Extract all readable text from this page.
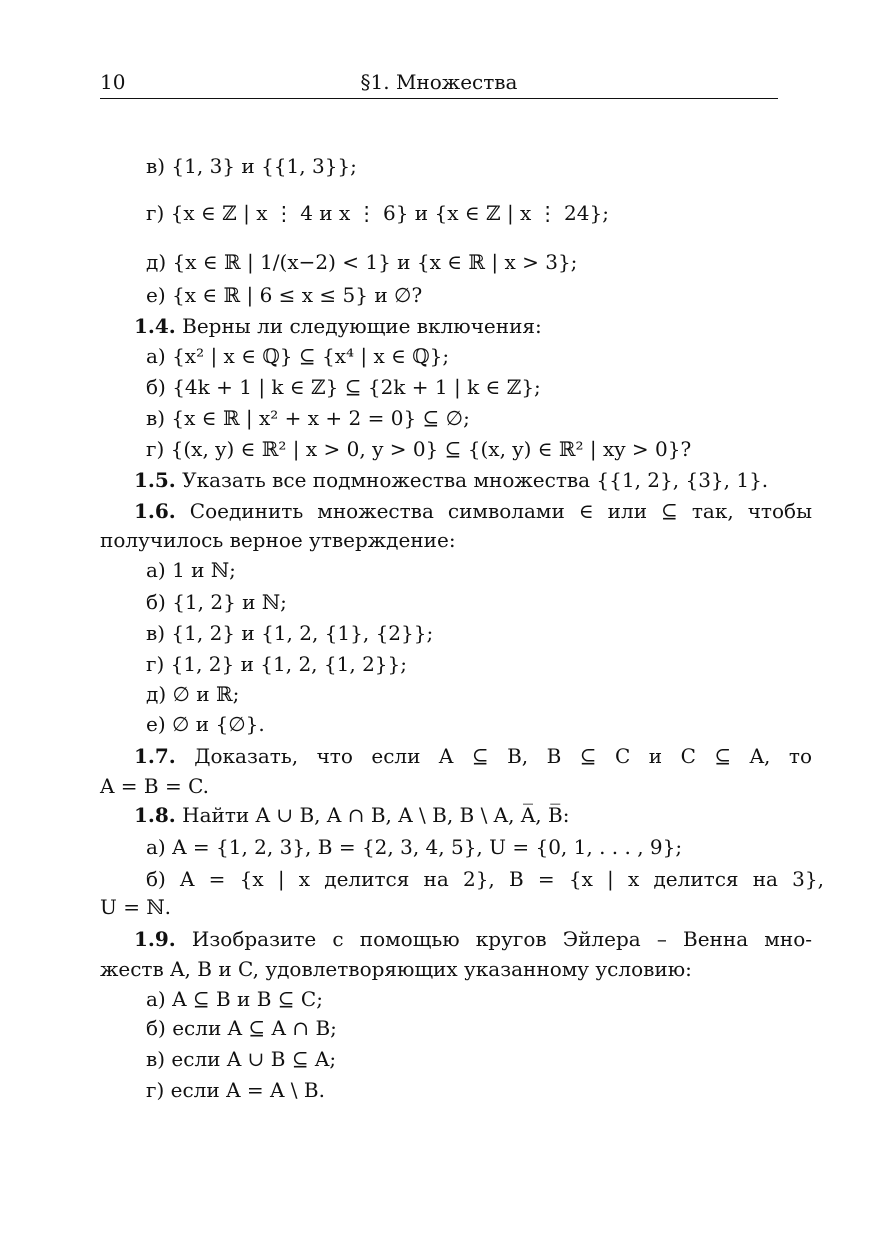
10	§1. Множества
в) {1, 3} и {{1, 3}};
г) {x ∈ ℤ | x ⋮ 4 и x ⋮ 6} и {x ∈ ℤ | x ⋮ 24};
д) {x ∈ ℝ | 1/(x−2) < 1} и {x ∈ ℝ | x > 3};
е) {x ∈ ℝ | 6 ≤ x ≤ 5} и ∅?
1.4. Верны ли следующие включения:
а) {x² | x ∈ ℚ} ⊆ {x⁴ | x ∈ ℚ};
б) {4k + 1 | k ∈ ℤ} ⊆ {2k + 1 | k ∈ ℤ};
в) {x ∈ ℝ | x² + x + 2 = 0} ⊆ ∅;
г) {(x, y) ∈ ℝ² | x > 0, y > 0} ⊆ {(x, y) ∈ ℝ² | xy > 0}?
1.5. Указать все подмножества множества {{1, 2}, {3}, 1}.
1.6. Соединить множества символами ∈ или ⊆ так, чтобы
получилось верное утверждение:
а) 1 и ℕ;
б) {1, 2} и ℕ;
в) {1, 2} и {1, 2, {1}, {2}};
г) {1, 2} и {1, 2, {1, 2}};
д) ∅ и ℝ;
е) ∅ и {∅}.
1.7. Доказать, что если A ⊆ B, B ⊆ C и C ⊆ A, то
A = B = C.
1.8. Найти A ∪ B, A ∩ B, A \ B, B \ A, A̅, B̅:
а) A = {1, 2, 3}, B = {2, 3, 4, 5}, U = {0, 1, . . . , 9};
б) A = {x | x делится на 2}, B = {x | x делится на 3},
U = ℕ.
1.9. Изобразите с помощью кругов Эйлера – Венна мно-
жеств A, B и C, удовлетворяющих указанному условию:
а) A ⊆ B и B ⊆ C;
б) если A ⊆ A ∩ B;
в) если A ∪ B ⊆ A;
г) если A = A \ B.
